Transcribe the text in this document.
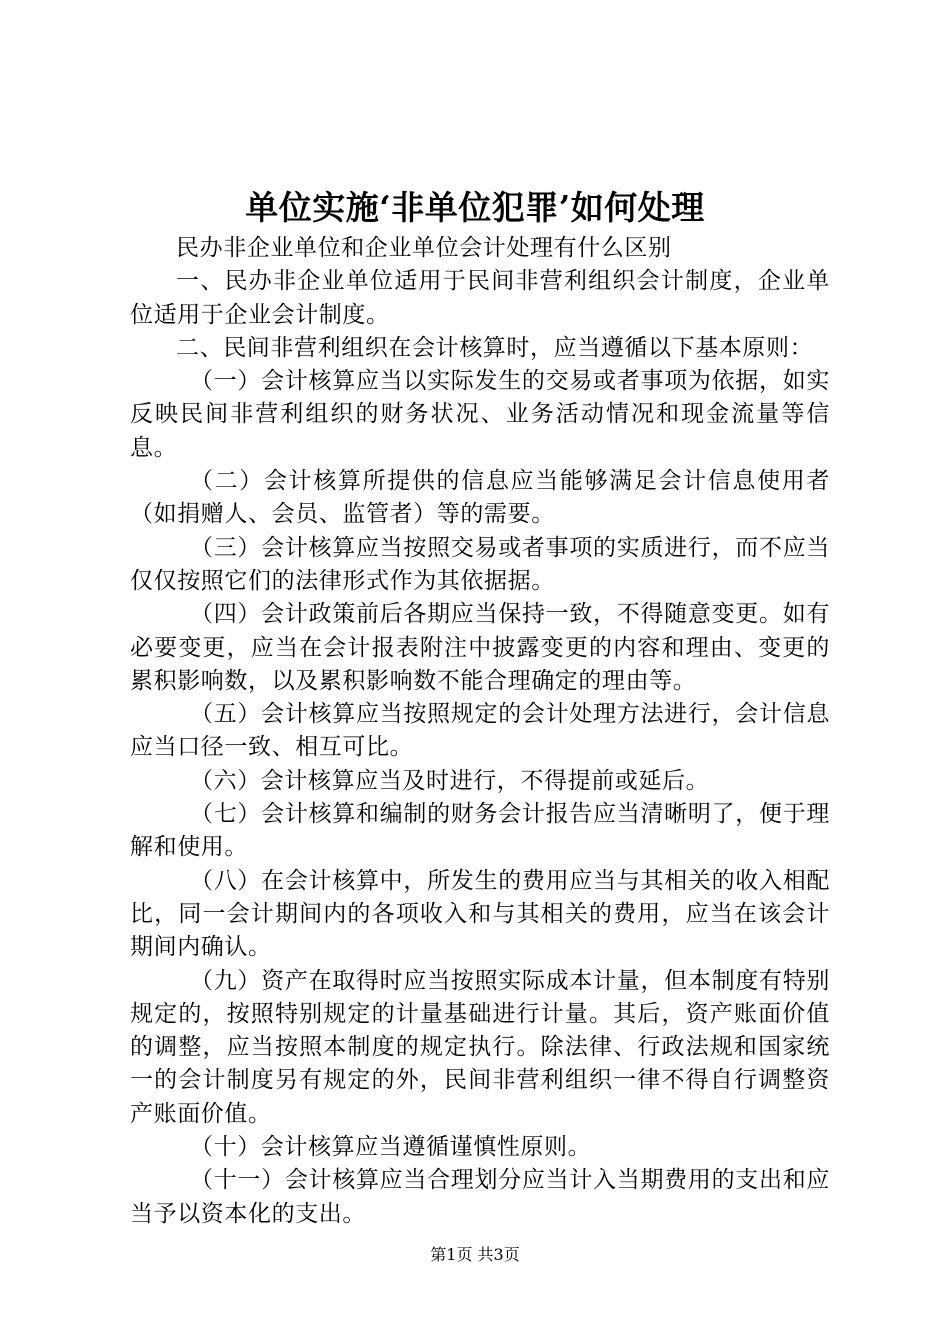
单位实施‘非单位犯罪’如何处理

民办非企业单位和企业单位会计处理有什么区别

一、民办非企业单位适用于民间非营利组织会计制度，企业单位适用于企业会计制度。

二、民间非营利组织在会计核算时，应当遵循以下基本原则：

（一）会计核算应当以实际发生的交易或者事项为依据，如实反映民间非营利组织的财务状况、业务活动情况和现金流量等信息。

（二）会计核算所提供的信息应当能够满足会计信息使用者（如捐赠人、会员、监管者）等的需要。

（三）会计核算应当按照交易或者事项的实质进行，而不应当仅仅按照它们的法律形式作为其依据据。

（四）会计政策前后各期应当保持一致，不得随意变更。如有必要变更，应当在会计报表附注中披露变更的内容和理由、变更的累积影响数，以及累积影响数不能合理确定的理由等。

（五）会计核算应当按照规定的会计处理方法进行，会计信息应当口径一致、相互可比。

（六）会计核算应当及时进行，不得提前或延后。

（七）会计核算和编制的财务会计报告应当清晰明了，便于理解和使用。

（八）在会计核算中，所发生的费用应当与其相关的收入相配比，同一会计期间内的各项收入和与其相关的费用，应当在该会计期间内确认。

（九）资产在取得时应当按照实际成本计量，但本制度有特别规定的，按照特别规定的计量基础进行计量。其后，资产账面价值的调整，应当按照本制度的规定执行。除法律、行政法规和国家统一的会计制度另有规定的外，民间非营利组织一律不得自行调整资产账面价值。

（十）会计核算应当遵循谨慎性原则。

（十一）会计核算应当合理划分应当计入当期费用的支出和应当予以资本化的支出。

第1页 共3页
